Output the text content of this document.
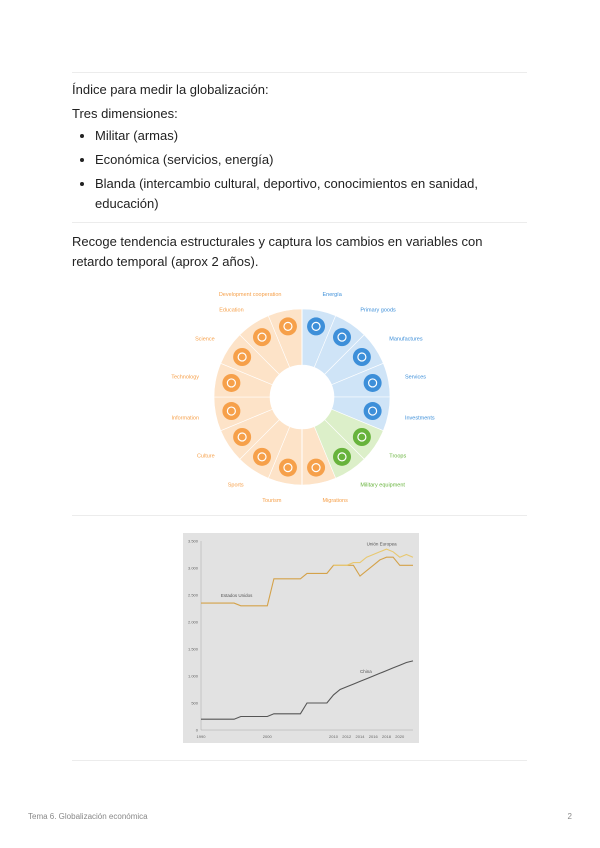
Índice para medir la globalización:
Tres dimensiones:
• Militar (armas)
• Económica (servicios, energía)
• Blanda (intercambio cultural, deportivo, conocimientos en sanidad, educación)
Recoge tendencia estructurales y captura los cambios en variables con retardo temporal (aprox 2 años).
Energía
Primary goods
Manufactures
Services
Investments
Troops
Military equipment
Migrations
Tourism
Sports
Culture
Information
Technology
Science
Education
Development cooperation
0
500
1.000
1.500
2.000
2.500
3.000
3.500
1990	2000	2010 2012 2014 2016 2018 2020
Estados Unidos
Unión Europea
China
Tema 6. Globalización económica	2
